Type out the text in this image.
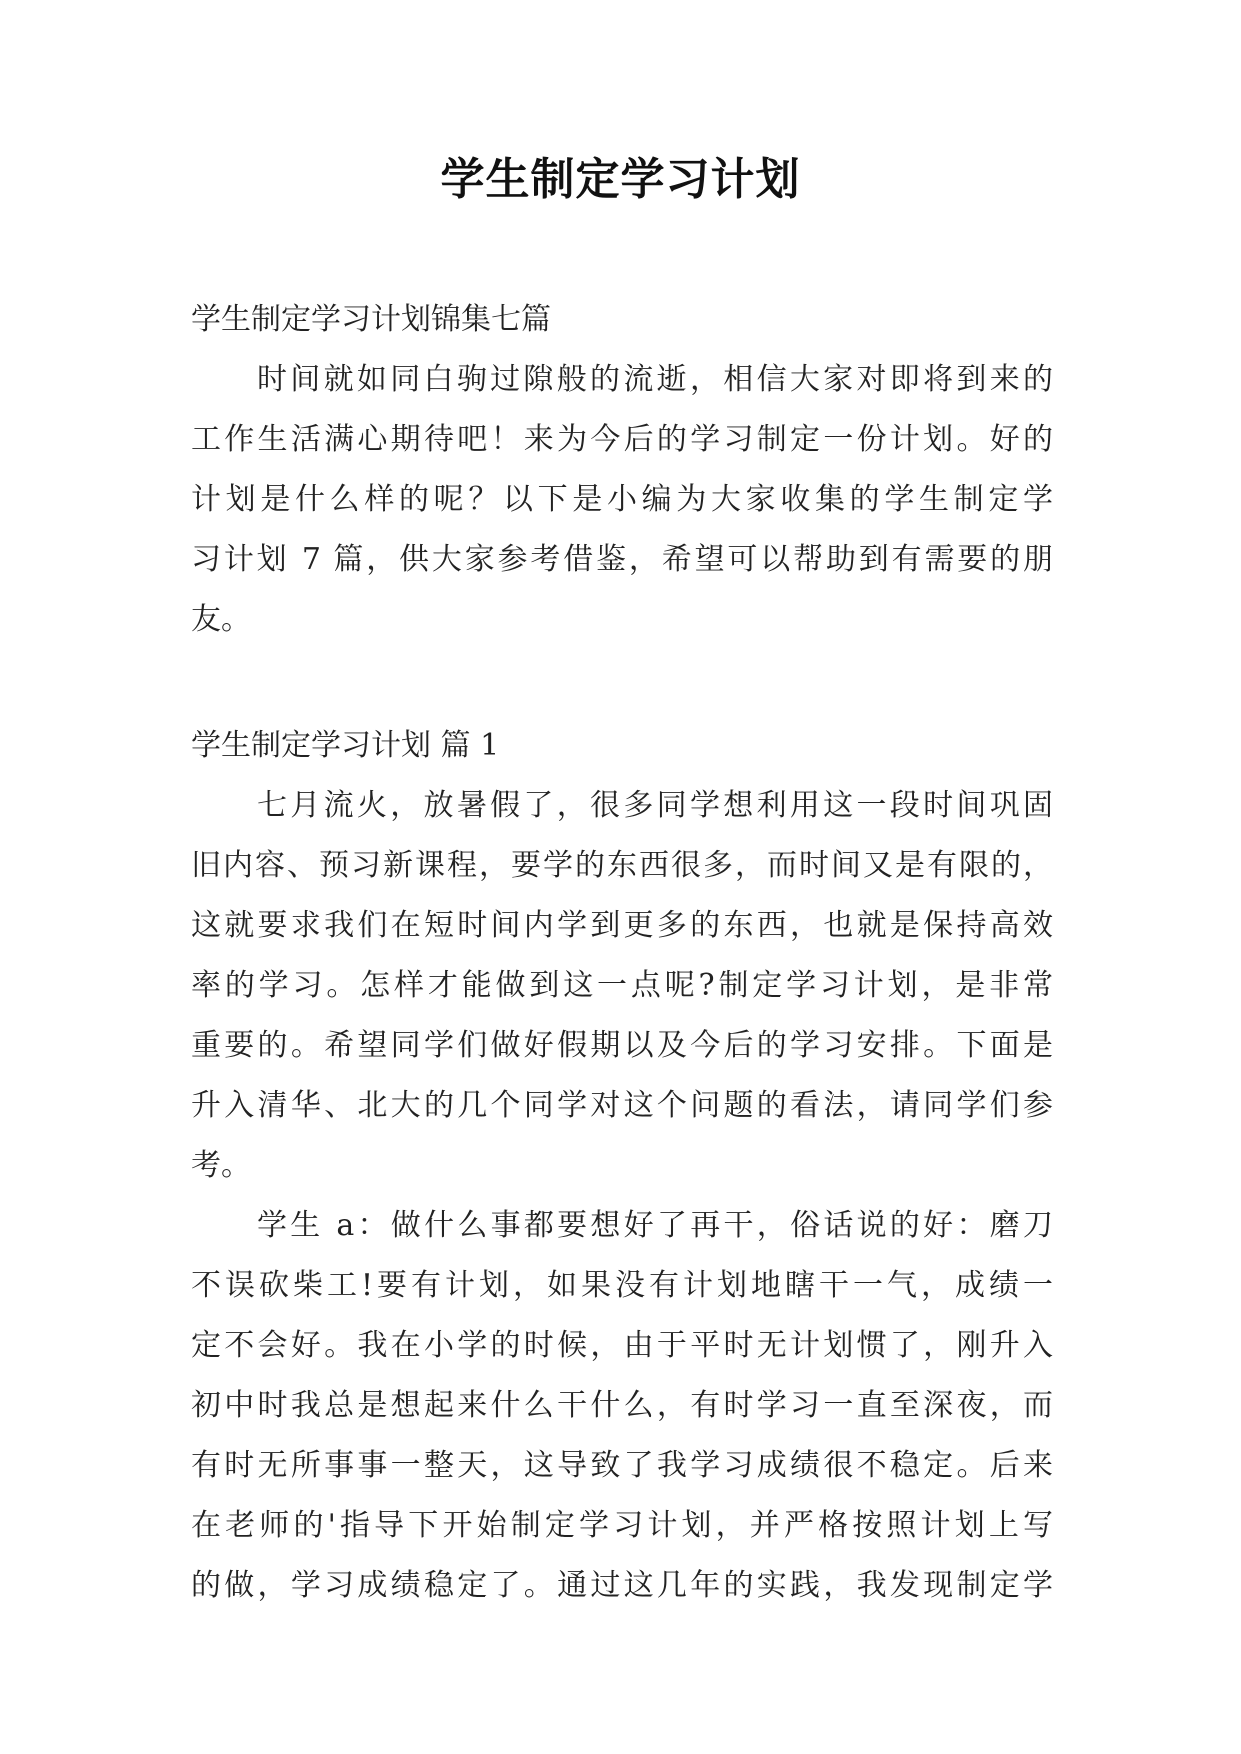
学生制定学习计划
学生制定学习计划锦集七篇

时间就如同白驹过隙般的流逝，相信大家对即将到来的

工作生活满心期待吧！来为今后的学习制定一份计划。好的

计划是什么样的呢？以下是小编为大家收集的学生制定学

习计划 7 篇，供大家参考借鉴，希望可以帮助到有需要的朋

友。

学生制定学习计划 篇 1

七月流火，放暑假了，很多同学想利用这一段时间巩固

旧内容、预习新课程，要学的东西很多，而时间又是有限的，

这就要求我们在短时间内学到更多的东西，也就是保持高效

率的学习。怎样才能做到这一点呢?制定学习计划，是非常

重要的。希望同学们做好假期以及今后的学习安排。下面是

升入清华、北大的几个同学对这个问题的看法，请同学们参

考。

学生 a：做什么事都要想好了再干，俗话说的好：磨刀

不误砍柴工!要有计划，如果没有计划地瞎干一气，成绩一

定不会好。我在小学的时候，由于平时无计划惯了，刚升入

初中时我总是想起来什么干什么，有时学习一直至深夜，而

有时无所事事一整天，这导致了我学习成绩很不稳定。后来

在老师的'指导下开始制定学习计划，并严格按照计划上写

的做，学习成绩稳定了。通过这几年的实践，我发现制定学
